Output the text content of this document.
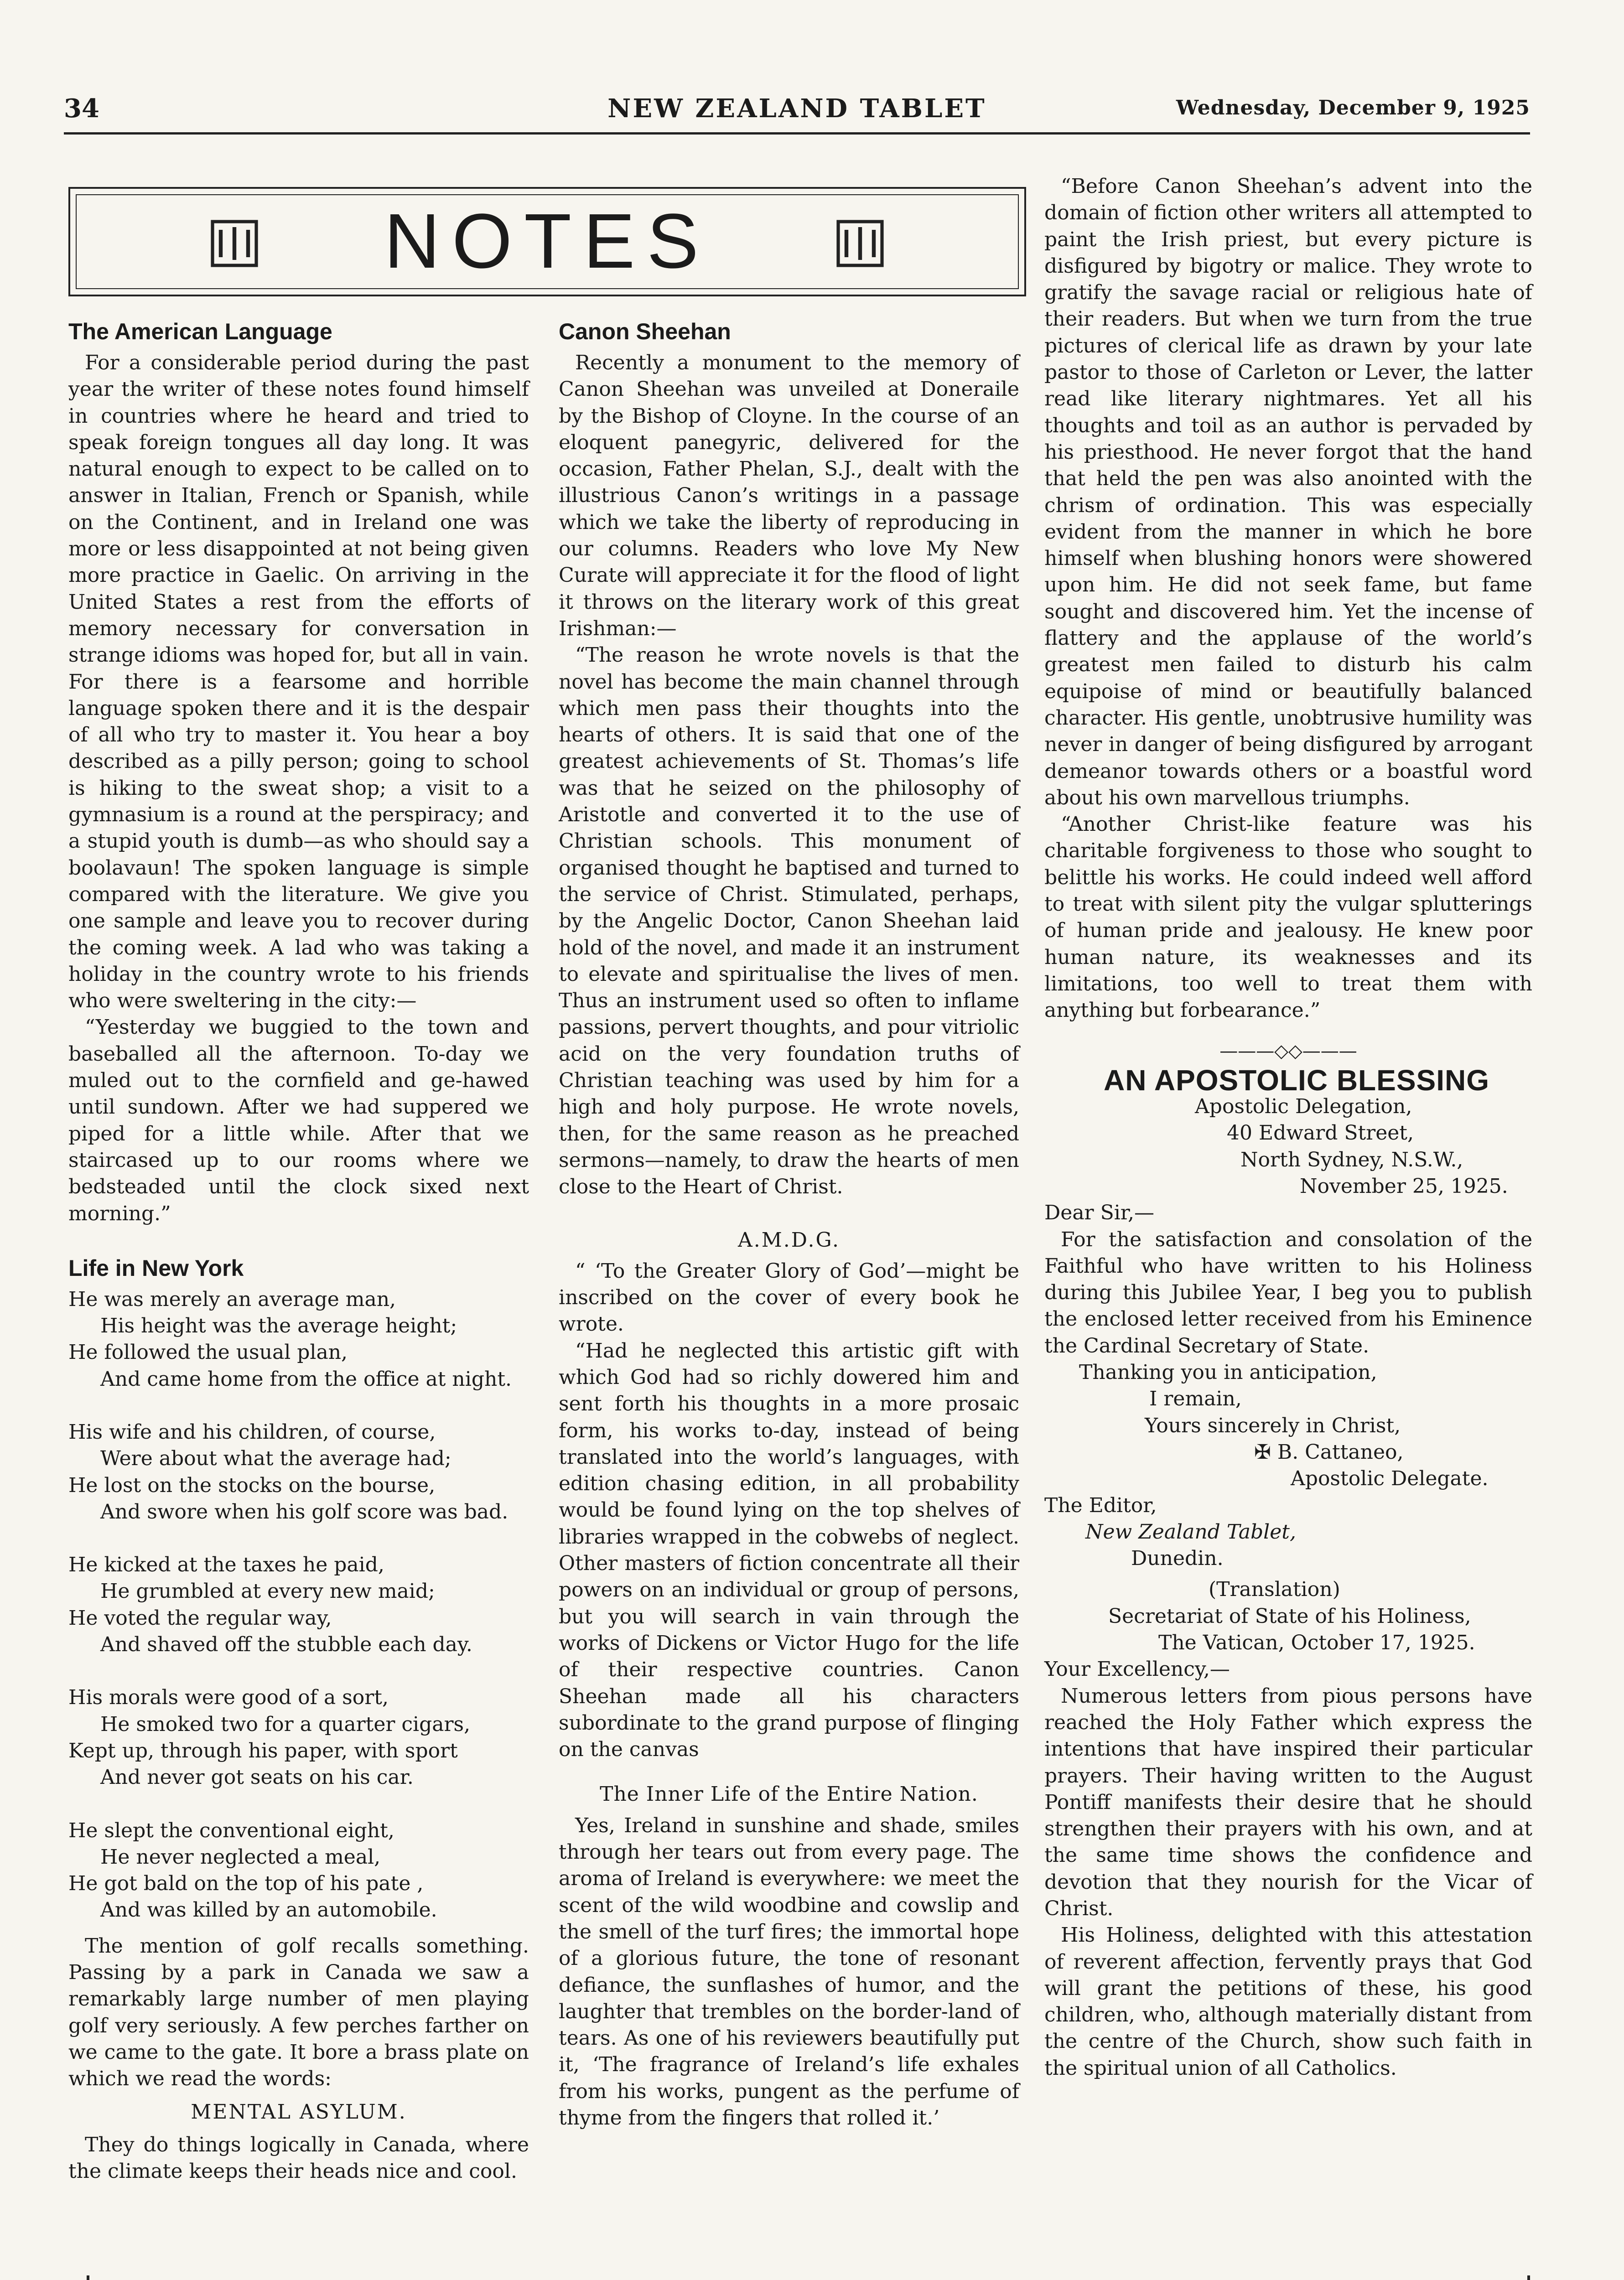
34	NEW ZEALAND TABLET	Wednesday, December 9, 1925
NOTES

The American Language

For a considerable period during the past year the writer of these notes found himself in countries where he heard and tried to speak foreign tongues all day long. It was natural enough to expect to be called on to answer in Italian, French or Spanish, while on the Continent, and in Ireland one was more or less disappointed at not being given more practice in Gaelic. On arriving in the United States a rest from the efforts of memory necessary for conversation in strange idioms was hoped for, but all in vain. For there is a fearsome and horrible language spoken there and it is the despair of all who try to master it. You hear a boy described as a pilly person; going to school is hiking to the sweat shop; a visit to a gymnasium is a round at the perspiracy; and a stupid youth is dumb—as who should say a boolavaun! The spoken language is simple compared with the literature. We give you one sample and leave you to recover during the coming week. A lad who was taking a holiday in the country wrote to his friends who were sweltering in the city:—

“Yesterday we buggied to the town and baseballed all the afternoon. To-day we muled out to the cornfield and ge-hawed until sundown. After we had suppered we piped for a little while. After that we staircased up to our rooms where we bedsteaded until the clock sixed next morning.”

Life in New York

He was merely an average man,

His height was the average height;

He followed the usual plan,

And came home from the office at night.

His wife and his children, of course,

Were about what the average had;

He lost on the stocks on the bourse,

And swore when his golf score was bad.

He kicked at the taxes he paid,

He grumbled at every new maid;

He voted the regular way,

And shaved off the stubble each day.

His morals were good of a sort,

He smoked two for a quarter cigars,

Kept up, through his paper, with sport

And never got seats on his car.

He slept the conventional eight,

He never neglected a meal,

He got bald on the top of his pate ,

And was killed by an automobile.

The mention of golf recalls something. Passing by a park in Canada we saw a remarkably large number of men playing golf very seriously. A few perches farther on we came to the gate. It bore a brass plate on which we read the words:

MENTAL ASYLUM.

They do things logically in Canada, where the climate keeps their heads nice and cool.

Canon Sheehan

Recently a monument to the memory of Canon Sheehan was unveiled at Doneraile by the Bishop of Cloyne. In the course of an eloquent panegyric, delivered for the occasion, Father Phelan, S.J., dealt with the illustrious Canon’s writings in a passage which we take the liberty of reproducing in our columns. Readers who love My New Curate will appreciate it for the flood of light it throws on the literary work of this great Irishman:—

“The reason he wrote novels is that the novel has become the main channel through which men pass their thoughts into the hearts of others. It is said that one of the greatest achievements of St. Thomas’s life was that he seized on the philosophy of Aristotle and converted it to the use of Christian schools. This monument of organised thought he baptised and turned to the service of Christ. Stimulated, perhaps, by the Angelic Doctor, Canon Sheehan laid hold of the novel, and made it an instrument to elevate and spiritualise the lives of men. Thus an instrument used so often to inflame passions, pervert thoughts, and pour vitriolic acid on the very foundation truths of Christian teaching was used by him for a high and holy purpose. He wrote novels, then, for the same reason as he preached sermons—namely, to draw the hearts of men close to the Heart of Christ.

A.M.D.G.

“ ‘To the Greater Glory of God’—might be inscribed on the cover of every book he wrote.

“Had he neglected this artistic gift with which God had so richly dowered him and sent forth his thoughts in a more prosaic form, his works to-day, instead of being translated into the world’s languages, with edition chasing edition, in all probability would be found lying on the top shelves of libraries wrapped in the cobwebs of neglect. Other masters of fiction concentrate all their powers on an individual or group of persons, but you will search in vain through the works of Dickens or Victor Hugo for the life of their respective countries. Canon Sheehan made all his characters subordinate to the grand purpose of flinging on the canvas

The Inner Life of the Entire Nation.

Yes, Ireland in sunshine and shade, smiles through her tears out from every page. The aroma of Ireland is everywhere: we meet the scent of the wild woodbine and cowslip and the smell of the turf fires; the immortal hope of a glorious future, the tone of resonant defiance, the sunflashes of humor, and the laughter that trembles on the border-land of tears. As one of his reviewers beautifully put it, ‘The fragrance of Ireland’s life exhales from his works, pungent as the perfume of thyme from the fingers that rolled it.’

“Before Canon Sheehan’s advent into the domain of fiction other writers all attempted to paint the Irish priest, but every picture is disfigured by bigotry or malice. They wrote to gratify the savage racial or religious hate of their readers. But when we turn from the true pictures of clerical life as drawn by your late pastor to those of Carleton or Lever, the latter read like literary nightmares. Yet all his thoughts and toil as an author is pervaded by his priesthood. He never forgot that the hand that held the pen was also anointed with the chrism of ordination. This was especially evident from the manner in which he bore himself when blushing honors were showered upon him. He did not seek fame, but fame sought and discovered him. Yet the incense of flattery and the applause of the world’s greatest men failed to disturb his calm equipoise of mind or beautifully balanced character. His gentle, unobtrusive humility was never in danger of being disfigured by arrogant demeanor towards others or a boastful word about his own marvellous triumphs.

“Another Christ-like feature was his charitable forgiveness to those who sought to belittle his works. He could indeed well afford to treat with silent pity the vulgar splutterings of human pride and jealousy. He knew poor human nature, its weaknesses and its limitations, too well to treat them with anything but forbearance.”

———◇◇———

AN APOSTOLIC BLESSING

Apostolic Delegation,

40 Edward Street,

North Sydney, N.S.W.,

November 25, 1925.

Dear Sir,—

For the satisfaction and consolation of the Faithful who have written to his Holiness during this Jubilee Year, I beg you to publish the enclosed letter received from his Eminence the Cardinal Secretary of State.

Thanking you in anticipation,

I remain,

Yours sincerely in Christ,

✠ B. Cattaneo,

Apostolic Delegate.

The Editor,

New Zealand Tablet,

Dunedin.

(Translation)

Secretariat of State of his Holiness,

The Vatican, October 17, 1925.

Your Excellency,—

Numerous letters from pious persons have reached the Holy Father which express the intentions that have inspired their particular prayers. Their having written to the August Pontiff manifests their desire that he should strengthen their prayers with his own, and at the same time shows the confidence and devotion that they nourish for the Vicar of Christ.

His Holiness, delighted with this attestation of reverent affection, fervently prays that God will grant the petitions of these, his good children, who, although materially distant from the centre of the Church, show such faith in the spiritual union of all Catholics.
